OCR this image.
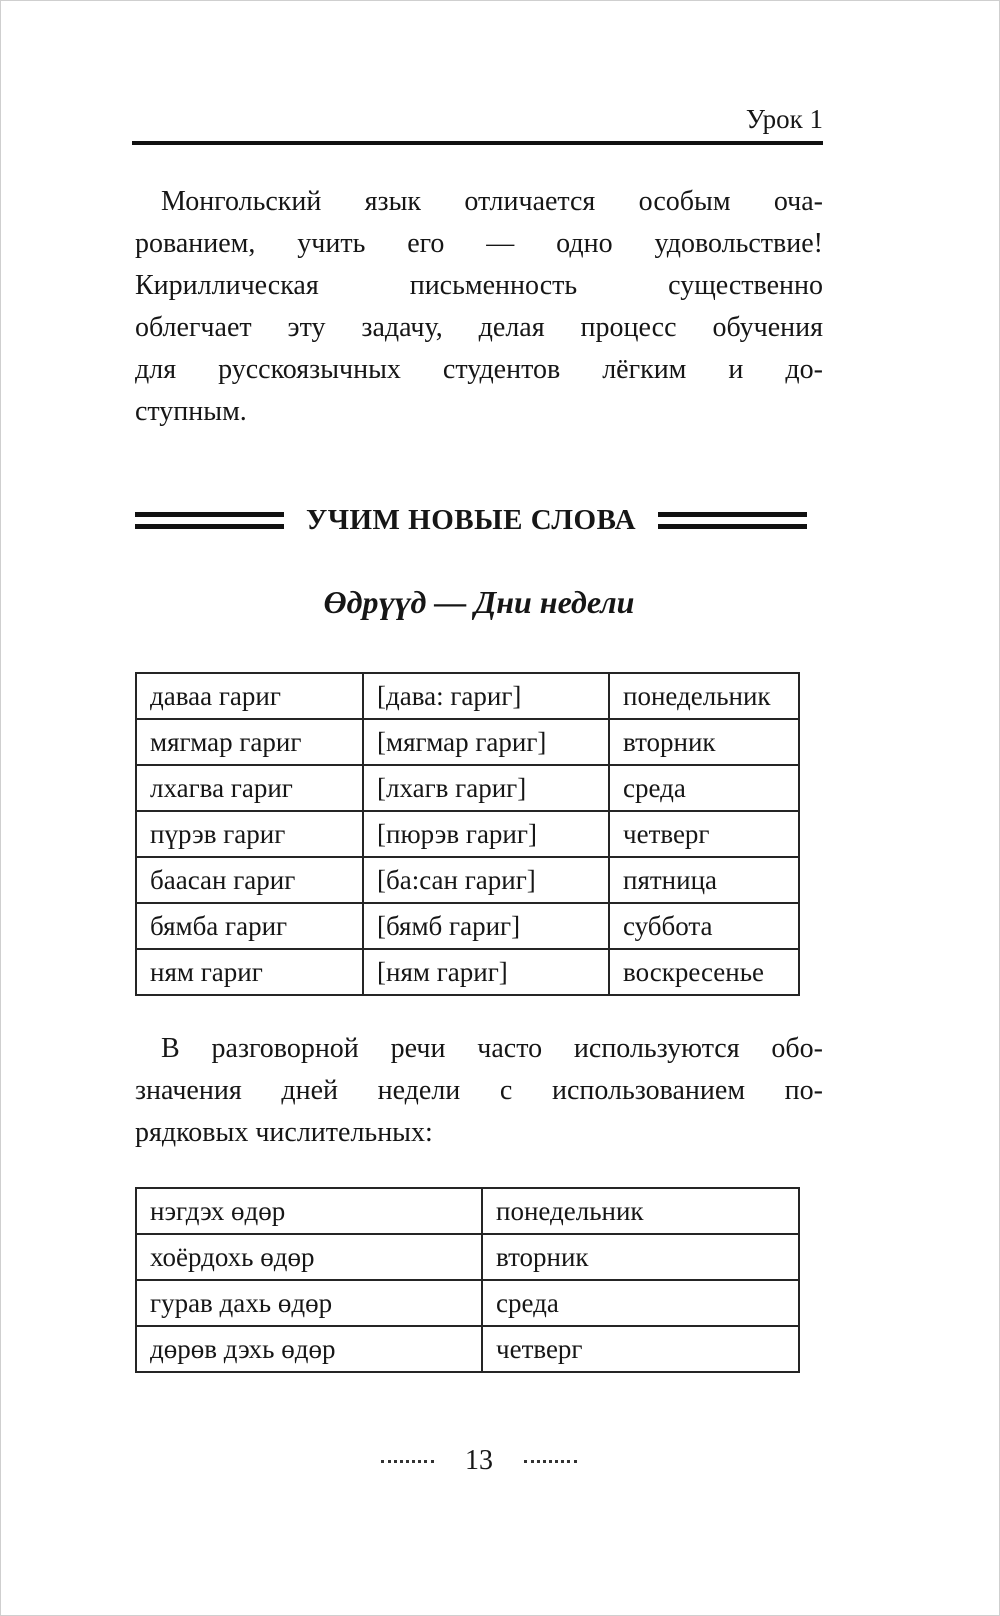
Урок 1
Монгольский язык отличается особым оча-
рованием, учить его — одно удовольствие!
Кириллическая письменность существенно
облегчает эту задачу, делая процесс обучения
для русскоязычных студентов лёгким и до-
ступным.
УЧИМ НОВЫЕ СЛОВА
Өдрүүд — Дни недели
даваа гариг	[дава: гариг]	понедельник
мягмар гариг	[мягмар гариг]	вторник
лхагва гариг	[лхагв гариг]	среда
пүрэв гариг	[пюрэв гариг]	четверг
баасан гариг	[ба:сан гариг]	пятница
бямба гариг	[бямб гариг]	суббота
ням гариг	[ням гариг]	воскресенье
В разговорной речи часто используются обо-
значения дней недели с использованием по-
рядковых числительных:
нэгдэх өдөр	понедельник
хоёрдохь өдөр	вторник
гурав дахь өдөр	среда
дөрөв дэхь өдөр	четверг
13
